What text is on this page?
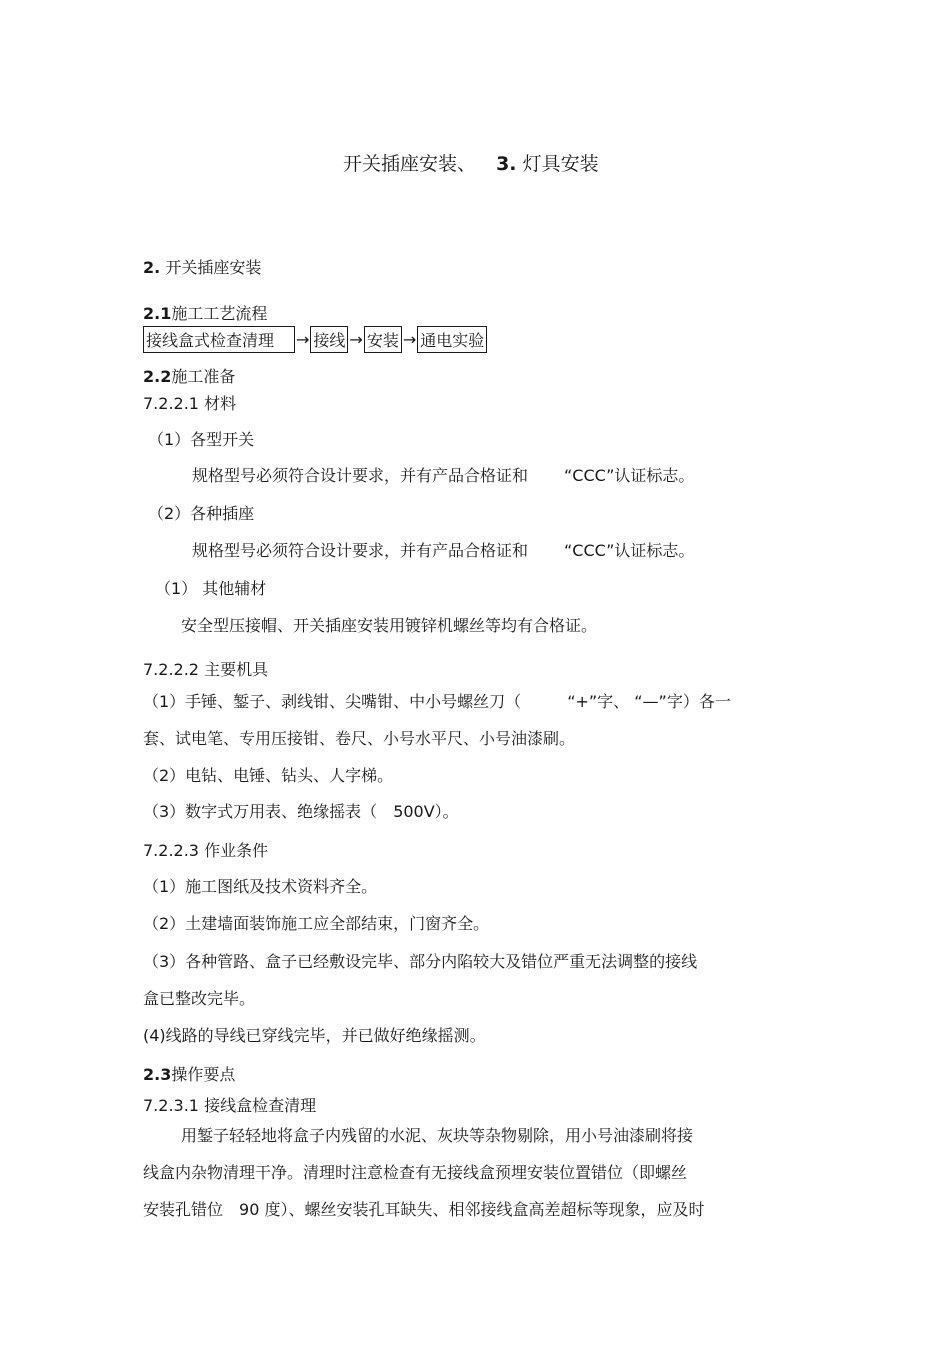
开关插座安装、 3. 灯具安装
2. 开关插座安装
2.1施工工艺流程
接线盒式检查清理 → 接线 → 安装 → 通电实验
2.2施工准备
7.2.2.1 材料
（1）各型开关
规格型号必须符合设计要求，并有产品合格证和 “CCC”认证标志。
（2）各种插座
规格型号必须符合设计要求，并有产品合格证和 “CCC”认证标志。
（1） 其他辅材
安全型压接帽、开关插座安装用镀锌机螺丝等均有合格证。
7.2.2.2 主要机具
（1）手锤、錾子、剥线钳、尖嘴钳、中小号螺丝刀（	“+”字、 “—”字）各一
套、试电笔、专用压接钳、卷尺、小号水平尺、小号油漆刷。
（2）电钻、电锤、钻头、人字梯。
（3）数字式万用表、绝缘摇表（ 500V）。
7.2.2.3 作业条件
（1）施工图纸及技术资料齐全。
（2）土建墙面装饰施工应全部结束，门窗齐全。
（3）各种管路、盒子已经敷设完毕、部分内陷较大及错位严重无法调整的接线
盒已整改完毕。
(4)线路的导线已穿线完毕，并已做好绝缘摇测。
2.3操作要点
7.2.3.1 接线盒检查清理
用錾子轻轻地将盒子内残留的水泥、灰块等杂物剔除，用小号油漆刷将接
线盒内杂物清理干净。清理时注意检查有无接线盒预埋安装位置错位（即螺丝
安装孔错位 90 度）、螺丝安装孔耳缺失、相邻接线盒高差超标等现象，应及时
